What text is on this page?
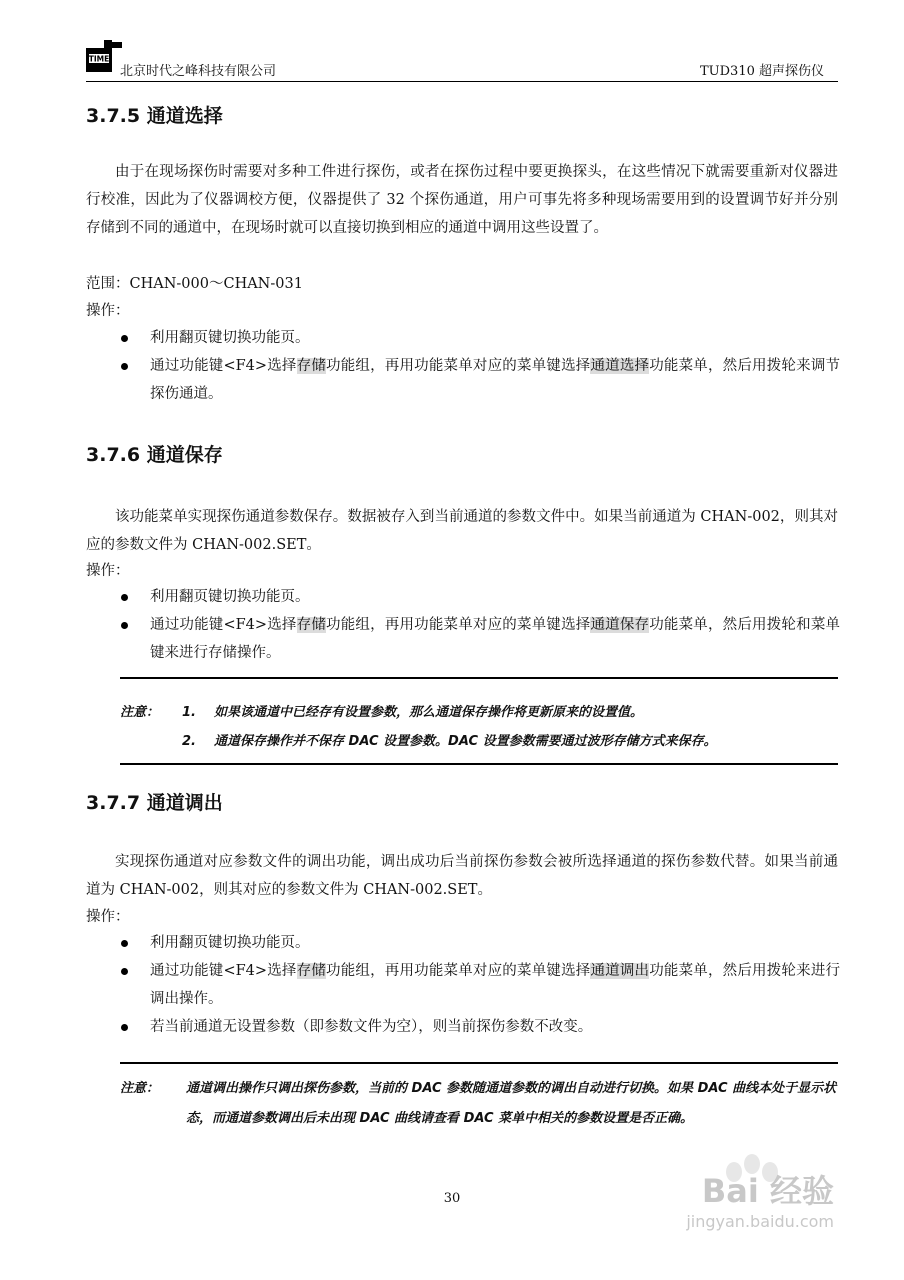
TIME
北京时代之峰科技有限公司	TUD310 超声探伤仪
3.7.5 通道选择

由于在现场探伤时需要对多种工件进行探伤，或者在探伤过程中要更换探头，在这些情况下就需要重新对仪器进行校准，因此为了仪器调校方便，仪器提供了 32 个探伤通道，用户可事先将多种现场需要用到的设置调节好并分别存储到不同的通道中，在现场时就可以直接切换到相应的通道中调用这些设置了。

范围：CHAN-000～CHAN-031
操作：

利用翻页键切换功能页。

通过功能键<F4>选择存储功能组，再用功能菜单对应的菜单键选择通道选择功能菜单，然后用拨轮来调节探伤通道。

3.7.6 通道保存

该功能菜单实现探伤通道参数保存。数据被存入到当前通道的参数文件中。如果当前通道为 CHAN-002，则其对应的参数文件为 CHAN-002.SET。

操作：

利用翻页键切换功能页。

通过功能键<F4>选择存储功能组，再用功能菜单对应的菜单键选择通道保存功能菜单，然后用拨轮和菜单键来进行存储操作。

注意： 1. 如果该通道中已经存有设置参数，那么通道保存操作将更新原来的设置值。
2. 通道保存操作并不保存 DAC 设置参数。DAC 设置参数需要通过波形存储方式来保存。
3.7.7 通道调出

实现探伤通道对应参数文件的调出功能，调出成功后当前探伤参数会被所选择通道的探伤参数代替。如果当前通道为 CHAN-002，则其对应的参数文件为 CHAN-002.SET。

操作：

利用翻页键切换功能页。

通过功能键<F4>选择存储功能组，再用功能菜单对应的菜单键选择通道调出功能菜单，然后用拨轮来进行调出操作。

若当前通道无设置参数（即参数文件为空），则当前探伤参数不改变。

注意： 通道调出操作只调出探伤参数，当前的 DAC 参数随通道参数的调出自动进行切换。如果 DAC 曲线本处于显示状态，而通道参数调出后未出现 DAC 曲线请查看 DAC 菜单中相关的参数设置是否正确。

30	Bai 经验
jingyan.baidu.com
